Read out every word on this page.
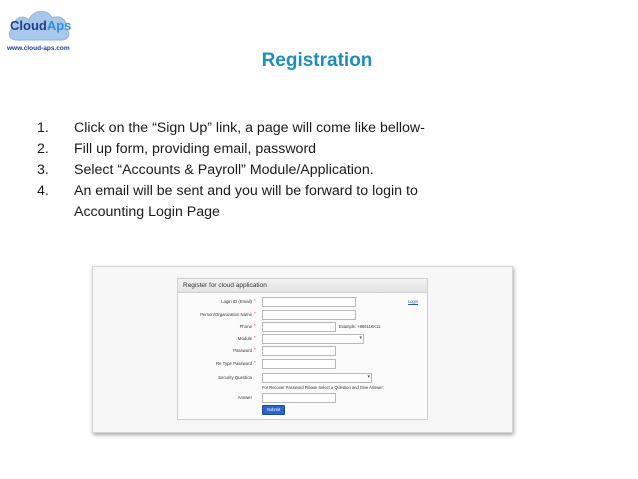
CloudAps
www.cloud-aps.com
Registration
1.	Click on the “Sign Up” link, a page will come like bellow-
2.	Fill up form, providing email, password
3.	Select “Accounts & Payroll” Module/Application.
4.	An email will be sent and you will be forward to login to Accounting Login Page
Register for cloud application
Login ID (Email) *	Login
Person/Organization Name *
Phone *	Example: +88011KK11
Module *	▾
Password *
Re Type Password *
Security Question	▾
For Recover Password Please Select a Question and Give Answer:
Answer
Submit
